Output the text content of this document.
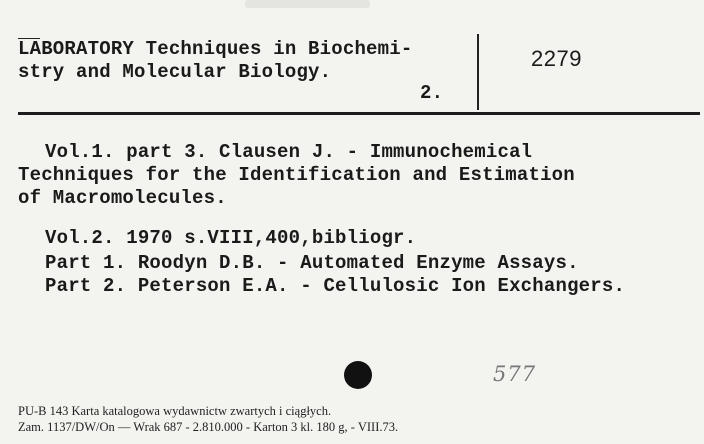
LABORATORY Techniques in Biochemi-
stry and Molecular Biology.
2.
2279
Vol.1. part 3. Clausen J. - Immunochemical
Techniques for the Identification and Estimation
of Macromolecules.
Vol.2. 1970 s.VIII,400,bibliogr.
Part 1. Roodyn D.B. - Automated Enzyme Assays.
Part 2. Peterson E.A. - Cellulosic Ion Exchangers.
577
PU-B 143 Karta katalogowa wydawnictw zwartych i ciągłych.
Zam. 1137/DW/On — Wrak 687 - 2.810.000 - Karton 3 kl. 180 g, - VIII.73.
